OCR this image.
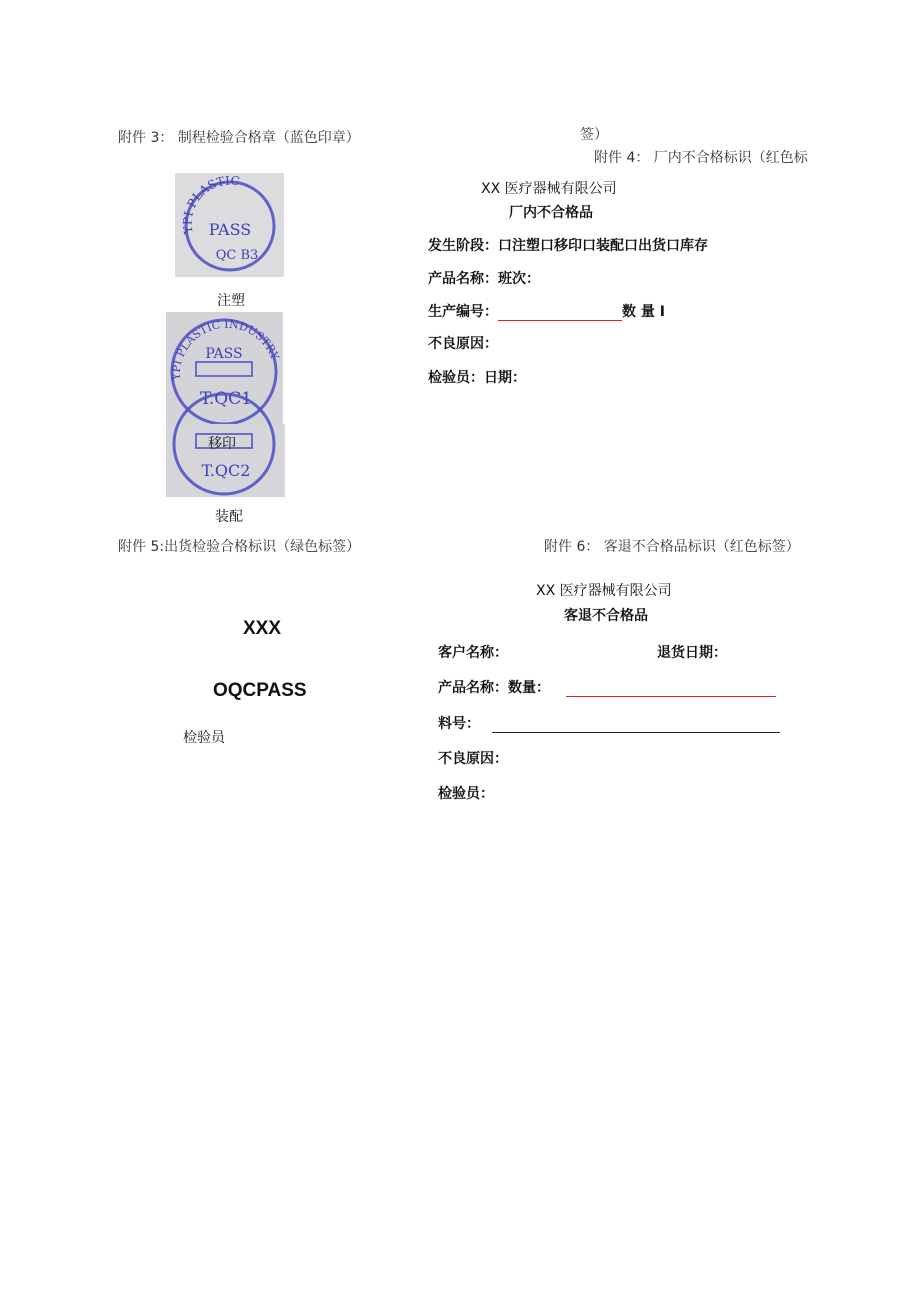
附件 3： 制程检验合格章（蓝色印章）
YPI PLASTIC
PASS
QC B3
注塑
YPI PLASTIC INDUSTRY
PASS
T.QC1
T.QC2
移印
装配
签）
附件 4： 厂内不合格标识（红色标
XX 医疗器械有限公司
厂内不合格品
发生阶段：口注塑口移印口装配口出货口库存
产品名称：班次：
生产编号：	数 量 I
不良原因：
检验员：日期：
附件 5:出货检验合格标识（绿色标签）
XXX
OQCPASS
检验员
附件 6： 客退不合格品标识（红色标签）
XX 医疗器械有限公司
客退不合格品
客户名称：	退货日期：
产品名称：数量：
料号：
不良原因：
检验员：
